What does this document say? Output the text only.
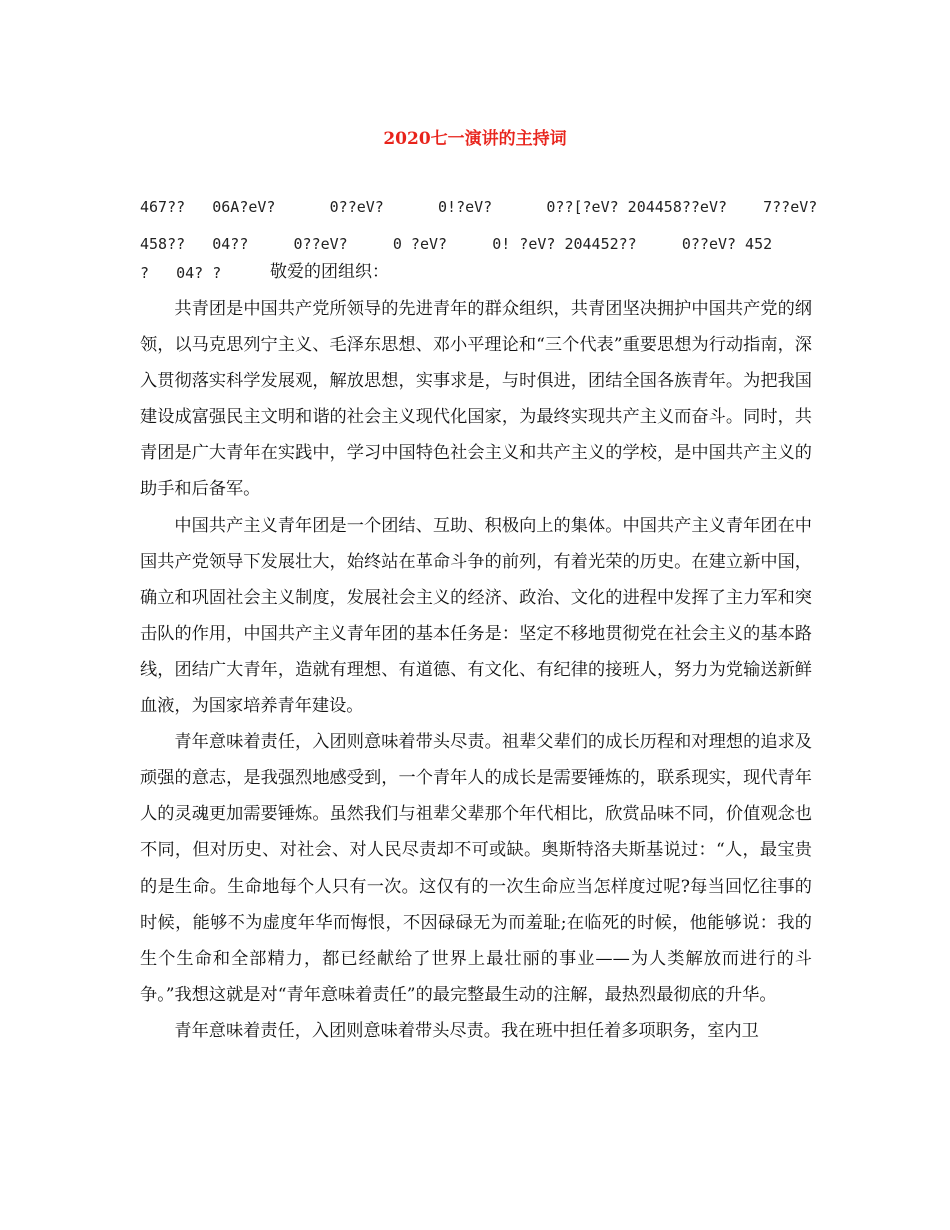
2020七一演讲的主持词
467??   06A?eV?      0??eV?      0!?eV?      0??[?eV? 204458??eV?    7??eV?
458??   04??     0??eV?     0 ?eV?     0! ?eV? 204452??     0??eV? 452
?   04? ?	敬爱的团组织：

共青团是中国共产党所领导的先进青年的群众组织，共青团坚决拥护中国共产党的纲领，以马克思列宁主义、毛泽东思想、邓小平理论和“三个代表”重要思想为行动指南，深入贯彻落实科学发展观，解放思想，实事求是，与时俱进，团结全国各族青年。为把我国建设成富强民主文明和谐的社会主义现代化国家，为最终实现共产主义而奋斗。同时，共青团是广大青年在实践中，学习中国特色社会主义和共产主义的学校，是中国共产主义的助手和后备军。

中国共产主义青年团是一个团结、互助、积极向上的集体。中国共产主义青年团在中国共产党领导下发展壮大，始终站在革命斗争的前列，有着光荣的历史。在建立新中国，确立和巩固社会主义制度，发展社会主义的经济、政治、文化的进程中发挥了主力军和突击队的作用，中国共产主义青年团的基本任务是：坚定不移地贯彻党在社会主义的基本路线，团结广大青年，造就有理想、有道德、有文化、有纪律的接班人，努力为党输送新鲜血液，为国家培养青年建设。

青年意味着责任，入团则意味着带头尽责。祖辈父辈们的成长历程和对理想的追求及顽强的意志，是我强烈地感受到，一个青年人的成长是需要锤炼的，联系现实，现代青年人的灵魂更加需要锤炼。虽然我们与祖辈父辈那个年代相比，欣赏品味不同，价值观念也不同，但对历史、对社会、对人民尽责却不可或缺。奥斯特洛夫斯基说过：“人，最宝贵的是生命。生命地每个人只有一次。这仅有的一次生命应当怎样度过呢?每当回忆往事的时候，能够不为虚度年华而悔恨，不因碌碌无为而羞耻;在临死的时候，他能够说：我的生个生命和全部精力，都已经献给了世界上最壮丽的事业——为人类解放而进行的斗争。”我想这就是对“青年意味着责任”的最完整最生动的注解，最热烈最彻底的升华。

青年意味着责任，入团则意味着带头尽责。我在班中担任着多项职务，室内卫
